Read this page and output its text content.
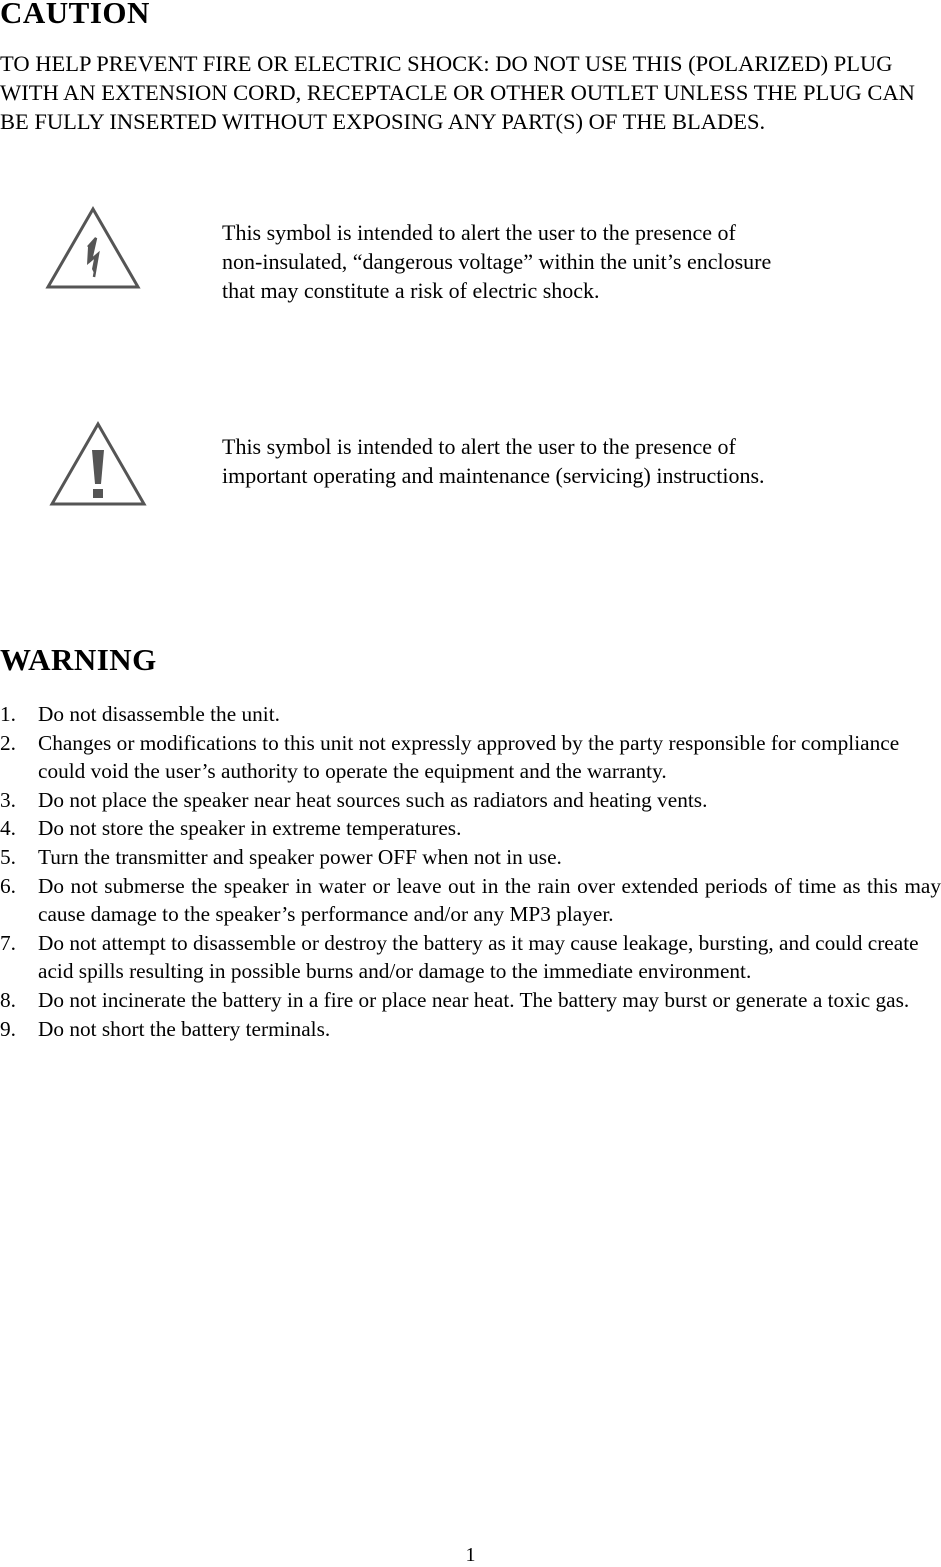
CAUTION

TO HELP PREVENT FIRE OR ELECTRIC SHOCK: DO NOT USE THIS (POLARIZED) PLUG WITH AN EXTENSION CORD, RECEPTACLE OR OTHER OUTLET UNLESS THE PLUG CAN BE FULLY INSERTED WITHOUT EXPOSING ANY PART(S) OF THE BLADES.

This symbol is intended to alert the user to the presence of

non-insulated, “dangerous voltage” within the unit’s enclosure

that may constitute a risk of electric shock.

This symbol is intended to alert the user to the presence of

important operating and maintenance (servicing) instructions.

WARNING
1. Do not disassemble the unit.
2. Changes or modifications to this unit not expressly approved by the party responsible for compliance could void the user’s authority to operate the equipment and the warranty.
3. Do not place the speaker near heat sources such as radiators and heating vents.
4. Do not store the speaker in extreme temperatures.
5. Turn the transmitter and speaker power OFF when not in use.
6. Do not submerse the speaker in water or leave out in the rain over extended periods of time as this may cause damage to the speaker’s performance and/or any MP3 player.
7. Do not attempt to disassemble or destroy the battery as it may cause leakage, bursting, and could create acid spills resulting in possible burns and/or damage to the immediate environment.
8. Do not incinerate the battery in a fire or place near heat. The battery may burst or generate a toxic gas.
9. Do not short the battery terminals.
1
